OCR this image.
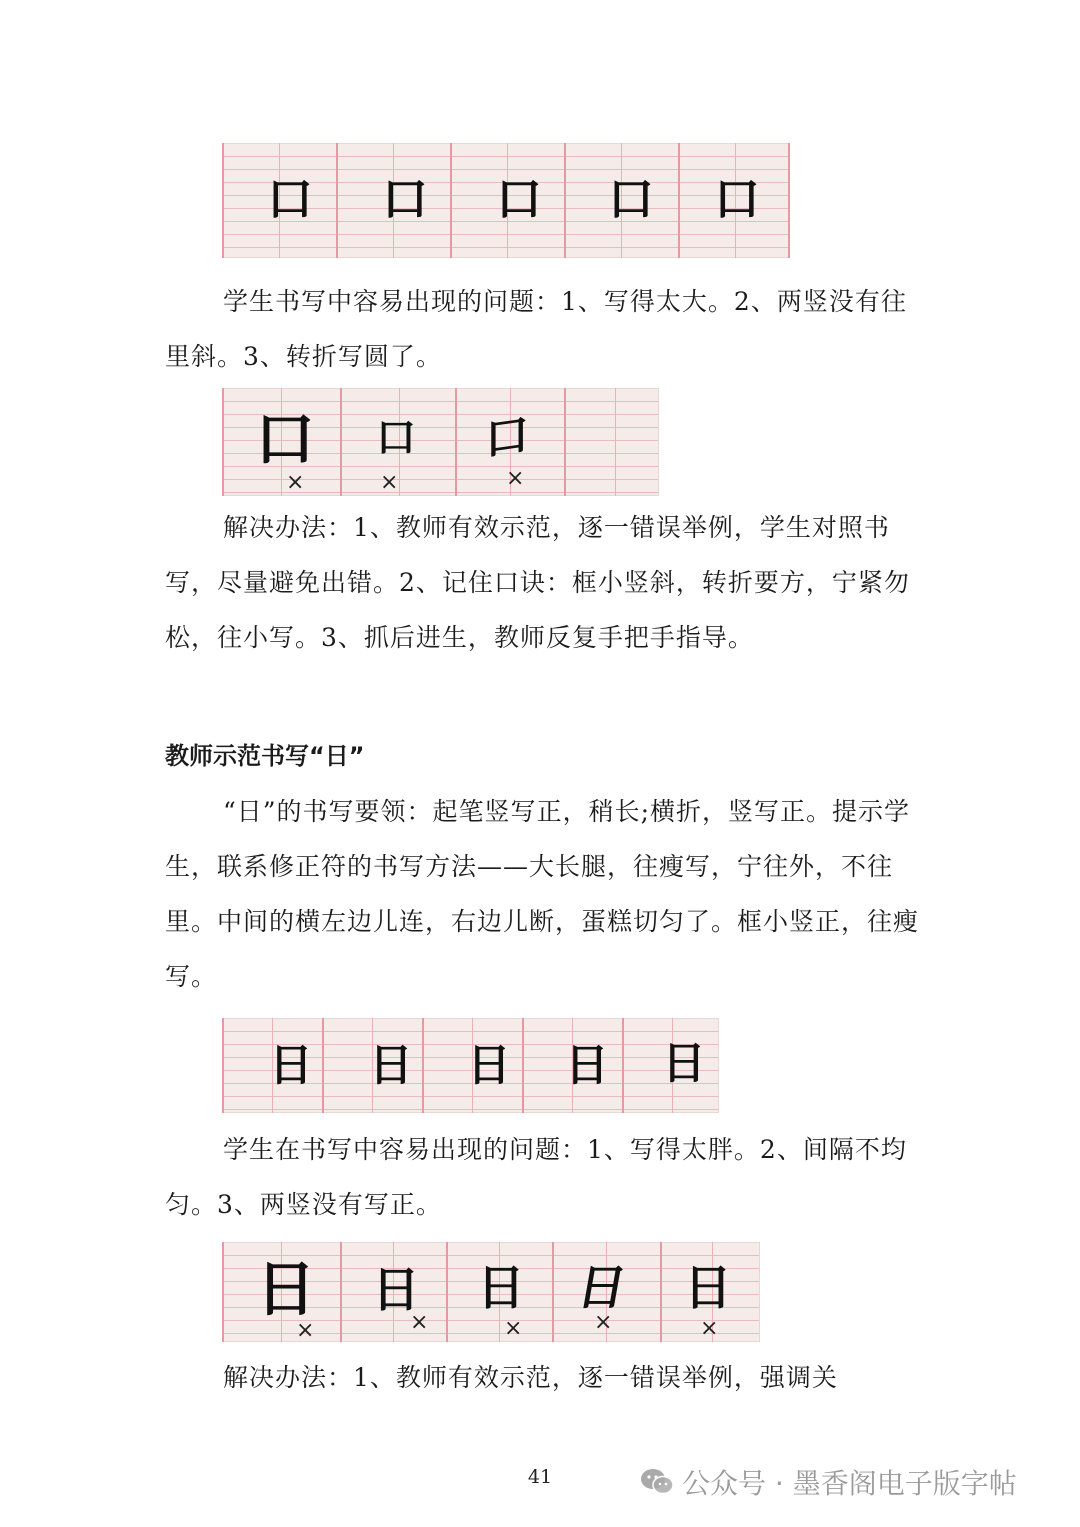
口 口 口 口 口

学生书写中容易出现的问题：1、写得太大。2、两竖没有往里斜。3、转折写圆了。

口 口 口
×	×	×

解决办法：1、教师有效示范，逐一错误举例，学生对照书写，尽量避免出错。2、记住口诀：框小竖斜，转折要方，宁紧勿松，往小写。3、抓后进生，教师反复手把手指导。

教师示范书写“日”

“日”的书写要领：起笔竖写正，稍长;横折，竖写正。提示学生，联系修正符的书写方法——大长腿，往瘦写，宁往外，不往里。中间的横左边儿连，右边儿断，蛋糕切匀了。框小竖正，往瘦写。

日 日 日 日 日

学生在书写中容易出现的问题：1、写得太胖。2、间隔不均匀。3、两竖没有写正。

日 日 日 日 日
×	×	×	×	×

解决办法：1、教师有效示范，逐一错误举例，强调关

41	公众号 · 墨香阁电子版字帖
